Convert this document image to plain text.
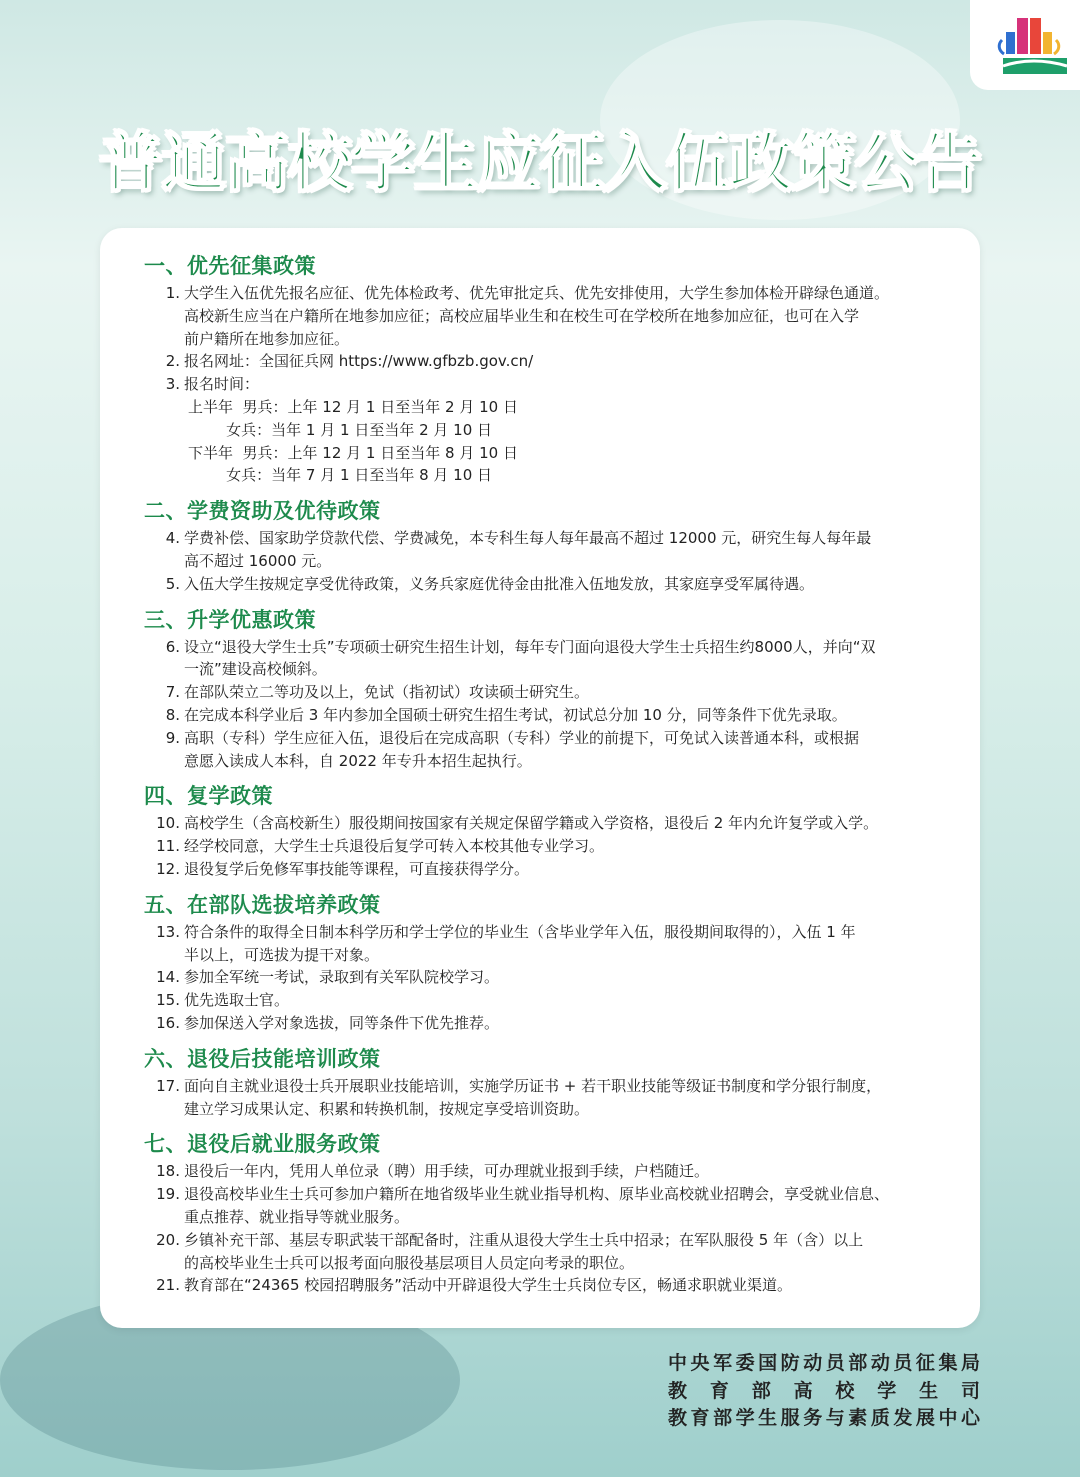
普通高校学生应征入伍政策公告
一、优先征集政策
1. 大学生入伍优先报名应征、优先体检政考、优先审批定兵、优先安排使用，大学生参加体检开辟绿色通道。
高校新生应当在户籍所在地参加应征；高校应届毕业生和在校生可在学校所在地参加应征，也可在入学
前户籍所在地参加应征。
2. 报名网址：全国征兵网 https://www.gfbzb.gov.cn/
3. 报名时间：
上半年  男兵：上年 12 月 1 日至当年 2 月 10 日
女兵：当年 1 月 1 日至当年 2 月 10 日
下半年  男兵：上年 12 月 1 日至当年 8 月 10 日
女兵：当年 7 月 1 日至当年 8 月 10 日
二、学费资助及优待政策
4. 学费补偿、国家助学贷款代偿、学费减免，本专科生每人每年最高不超过 12000 元，研究生每人每年最
高不超过 16000 元。
5. 入伍大学生按规定享受优待政策，义务兵家庭优待金由批准入伍地发放，其家庭享受军属待遇。
三、升学优惠政策
6. 设立“退役大学生士兵”专项硕士研究生招生计划，每年专门面向退役大学生士兵招生约8000人，并向“双
一流”建设高校倾斜。
7. 在部队荣立二等功及以上，免试（指初试）攻读硕士研究生。
8. 在完成本科学业后 3 年内参加全国硕士研究生招生考试，初试总分加 10 分，同等条件下优先录取。
9. 高职（专科）学生应征入伍，退役后在完成高职（专科）学业的前提下，可免试入读普通本科，或根据
意愿入读成人本科，自 2022 年专升本招生起执行。
四、复学政策
10. 高校学生（含高校新生）服役期间按国家有关规定保留学籍或入学资格，退役后 2 年内允许复学或入学。
11. 经学校同意，大学生士兵退役后复学可转入本校其他专业学习。
12. 退役复学后免修军事技能等课程，可直接获得学分。
五、在部队选拔培养政策
13. 符合条件的取得全日制本科学历和学士学位的毕业生（含毕业学年入伍，服役期间取得的），入伍 1 年
半以上，可选拔为提干对象。
14. 参加全军统一考试，录取到有关军队院校学习。
15. 优先选取士官。
16. 参加保送入学对象选拔，同等条件下优先推荐。
六、退役后技能培训政策
17. 面向自主就业退役士兵开展职业技能培训，实施学历证书 + 若干职业技能等级证书制度和学分银行制度，
建立学习成果认定、积累和转换机制，按规定享受培训资助。
七、退役后就业服务政策
18. 退役后一年内，凭用人单位录（聘）用手续，可办理就业报到手续，户档随迁。
19. 退役高校毕业生士兵可参加户籍所在地省级毕业生就业指导机构、原毕业高校就业招聘会，享受就业信息、
重点推荐、就业指导等就业服务。
20. 乡镇补充干部、基层专职武装干部配备时，注重从退役大学生士兵中招录；在军队服役 5 年（含）以上
的高校毕业生士兵可以报考面向服役基层项目人员定向考录的职位。
21. 教育部在“24365 校园招聘服务”活动中开辟退役大学生士兵岗位专区，畅通求职就业渠道。
中央军委国防动员部动员征集局
教育部高校学生司
教育部学生服务与素质发展中心
